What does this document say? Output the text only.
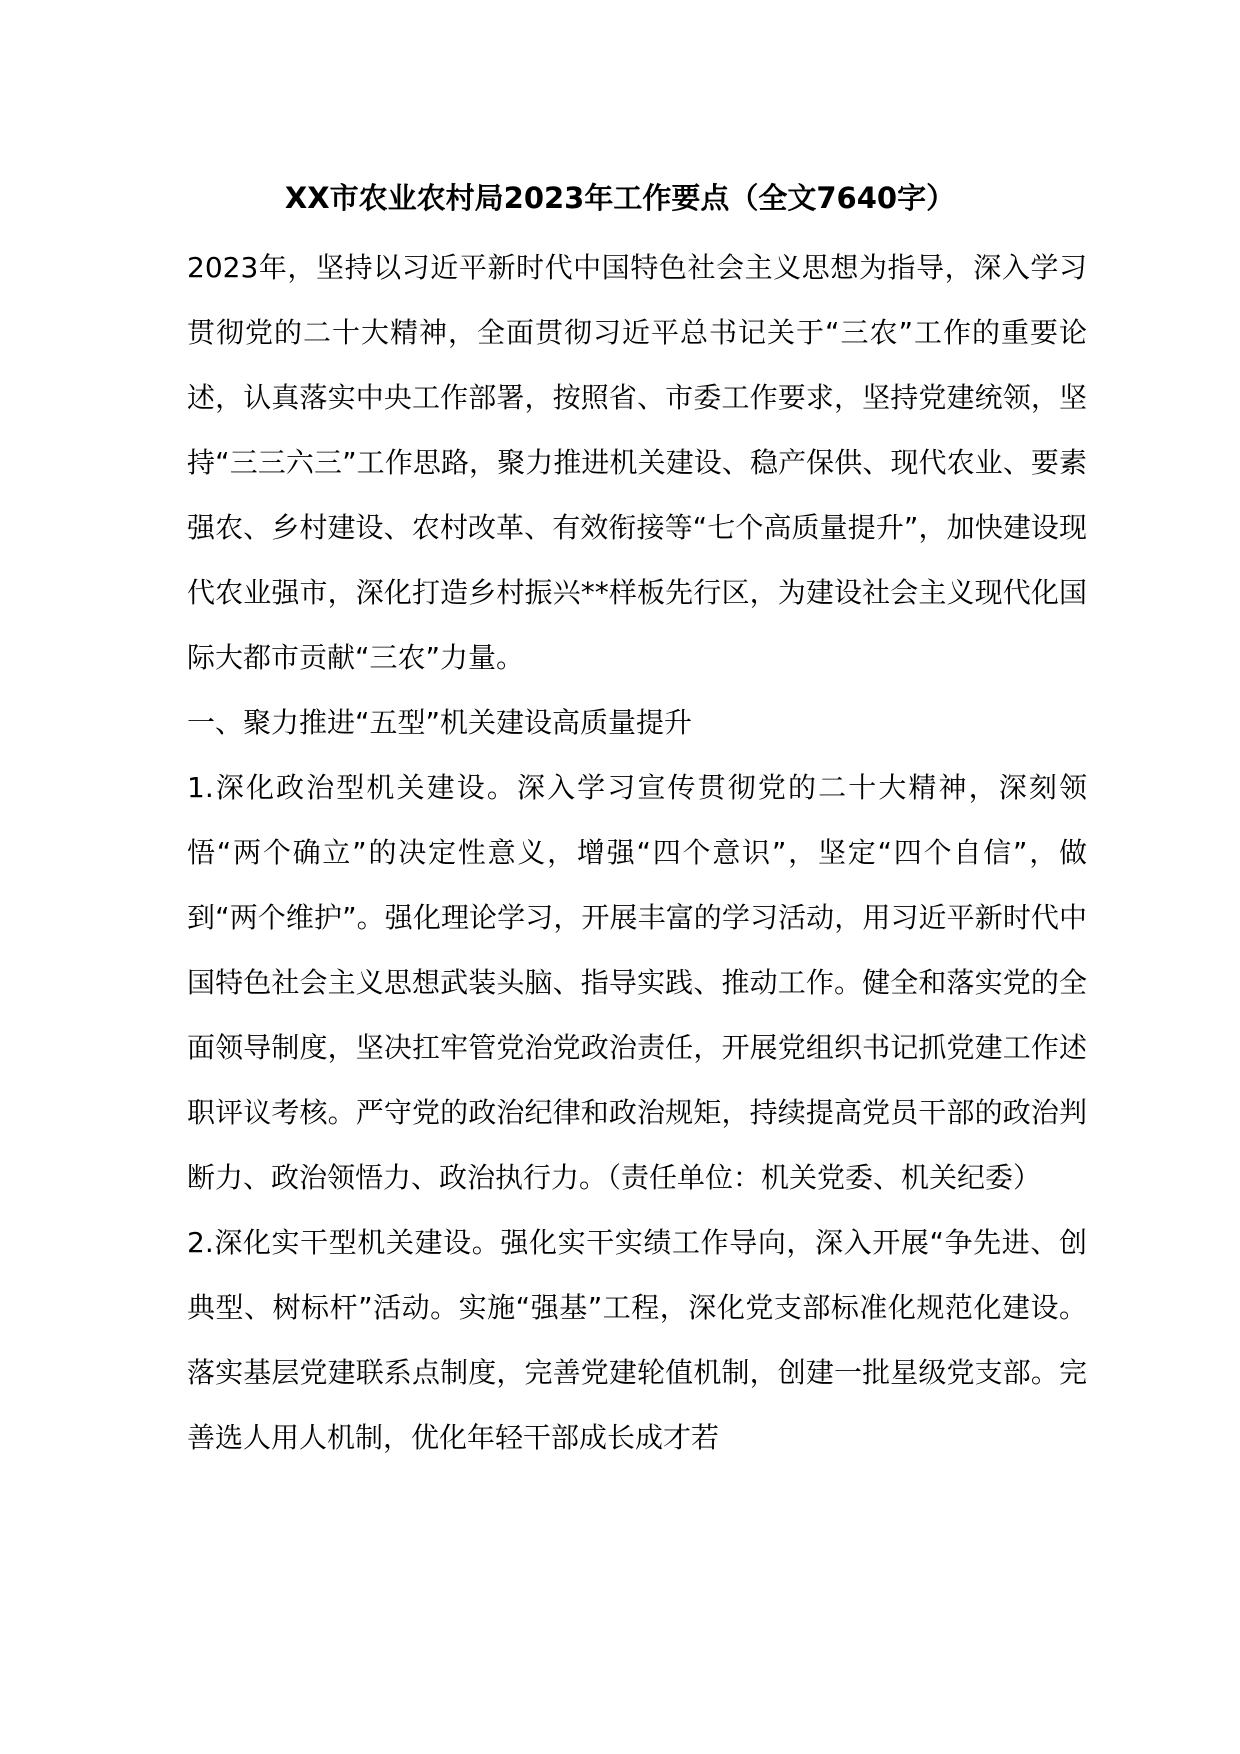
XX市农业农村局2023年工作要点（全文7640字）

2023年，坚持以习近平新时代中国特色社会主义思想为指导，深入学习贯彻党的二十大精神，全面贯彻习近平总书记关于“三农”工作的重要论述，认真落实中央工作部署，按照省、市委工作要求，坚持党建统领，坚持“三三六三”工作思路，聚力推进机关建设、稳产保供、现代农业、要素强农、乡村建设、农村改革、有效衔接等“七个高质量提升”，加快建设现代农业强市，深化打造乡村振兴**样板先行区，为建设社会主义现代化国际大都市贡献“三农”力量。

一、聚力推进“五型”机关建设高质量提升

1.深化政治型机关建设。深入学习宣传贯彻党的二十大精神，深刻领悟“两个确立”的决定性意义，增强“四个意识”，坚定“四个自信”，做到“两个维护”。强化理论学习，开展丰富的学习活动，用习近平新时代中国特色社会主义思想武装头脑、指导实践、推动工作。健全和落实党的全面领导制度，坚决扛牢管党治党政治责任，开展党组织书记抓党建工作述职评议考核。严守党的政治纪律和政治规矩，持续提高党员干部的政治判断力、政治领悟力、政治执行力。（责任单位：机关党委、机关纪委）

2.深化实干型机关建设。强化实干实绩工作导向，深入开展“争先进、创典型、树标杆”活动。实施“强基”工程，深化党支部标准化规范化建设。落实基层党建联系点制度，完善党建轮值机制，创建一批星级党支部。完善选人用人机制，优化年轻干部成长成才若
